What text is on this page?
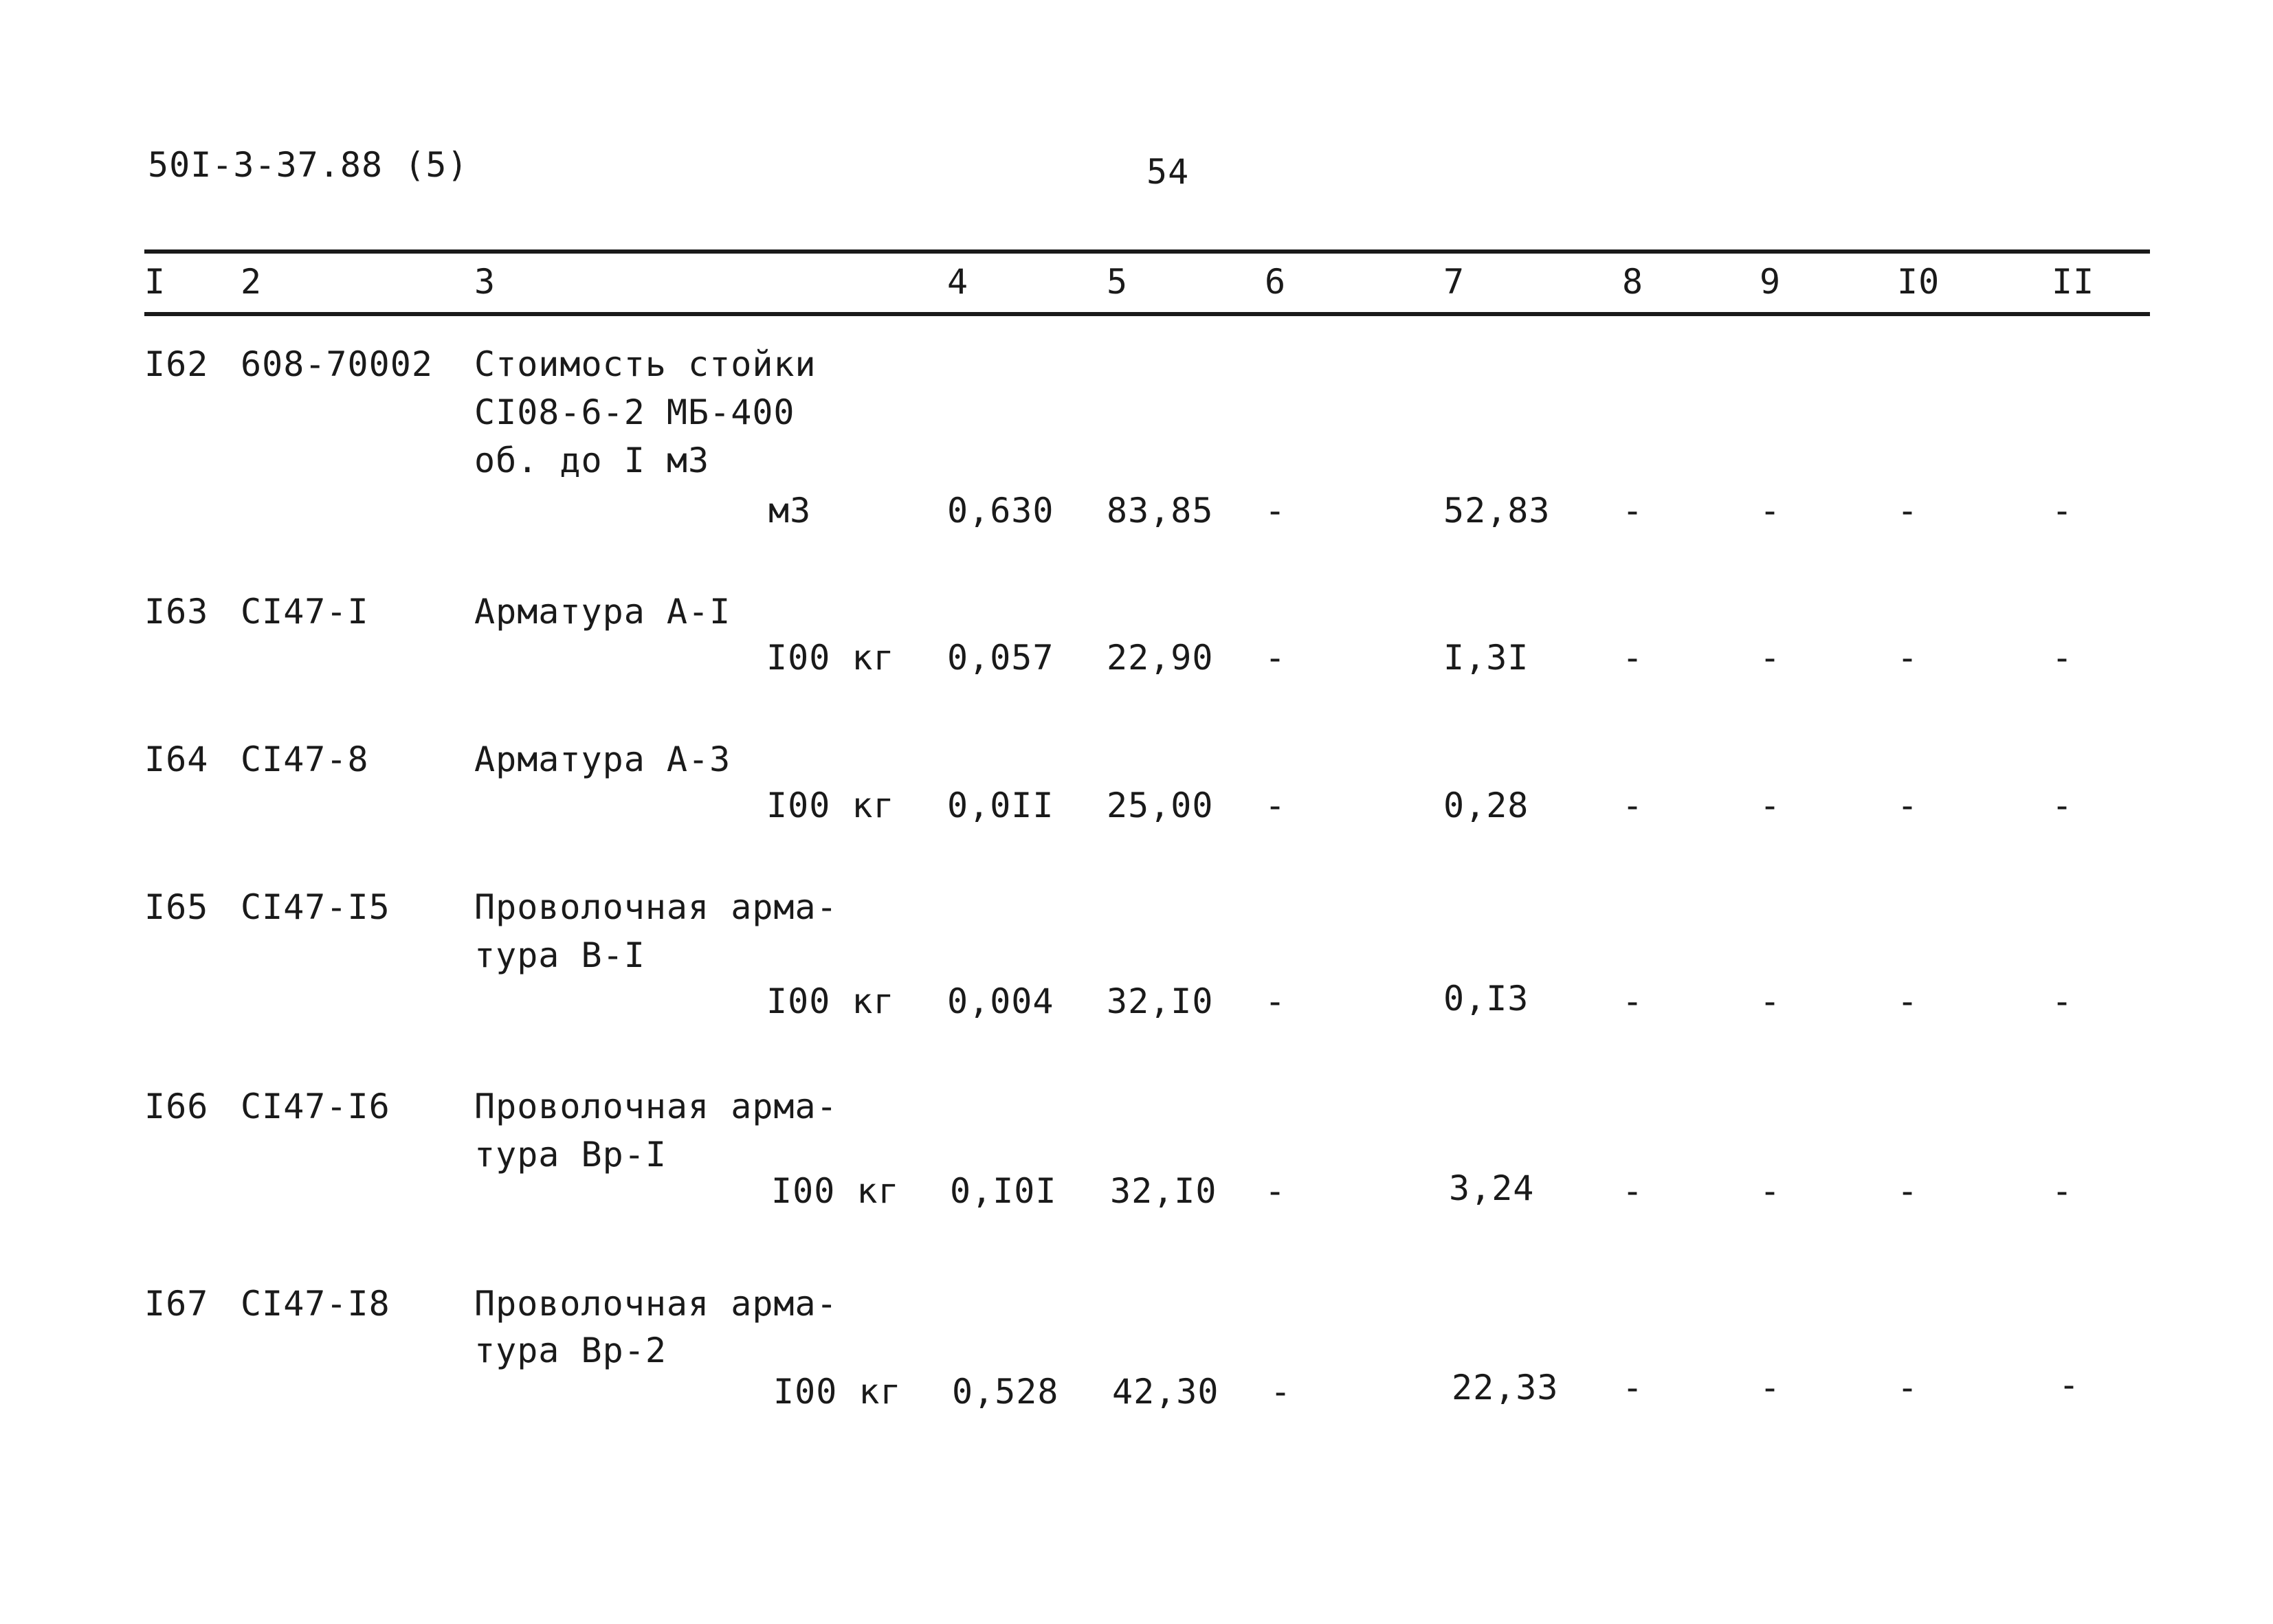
50I-3-37.88 (5)	54
I 2	3	4	5	6	7	8	9	I0	II
I62 608-70002 Стоимость стойки
СI08-6-2 МБ-400
об. до I м3
м3	0,630 83,85 -	52,83 -	-	-	-
I63 СI47-I	Арматура А-I
I00 кг 0,057 22,90 -	I,3I	-	-	-	-
I64 СI47-8	Арматура А-3
I00 кг 0,0II 25,00 -	0,28	-	-	-	-
I65 СI47-I5 Проволочная арма-
тура В-I
I00 кг 0,004 32,I0 -	0,I3	-	-	-	-
I66 СI47-I6 Проволочная арма-
тура Вр-I
I00 кг 0,I0I 32,I0 -	3,24	-	-	-	-
I67 СI47-I8 Проволочная арма-
тура Вр-2
I00 кг 0,528 42,30 -	22,33 -	-	-	-
